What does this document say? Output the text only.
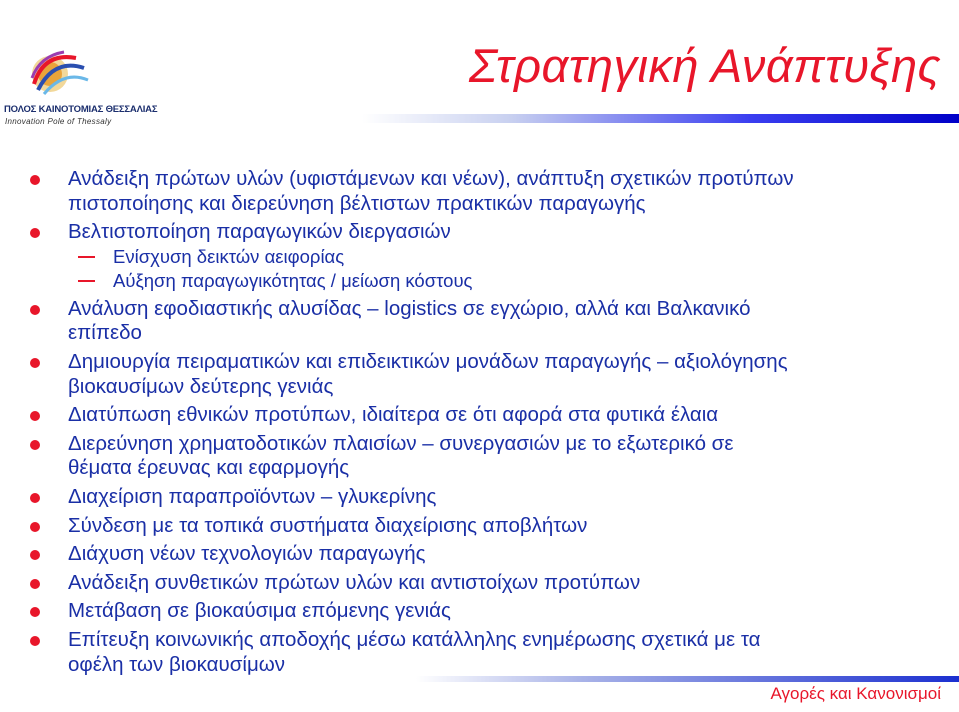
ΠΟΛΟΣ ΚΑΙΝΟΤΟΜΙΑΣ ΘΕΣΣΑΛΙΑΣ
Innovation Pole of Thessaly
Στρατηγική Ανάπτυξης
Ανάδειξη πρώτων υλών (υφιστάμενων και νέων), ανάπτυξη σχετικών προτύπων
πιστοποίησης και διερεύνηση βέλτιστων πρακτικών παραγωγής
Βελτιστοποίηση παραγωγικών διεργασιών
Ενίσχυση δεικτών αειφορίας
Αύξηση παραγωγικότητας / μείωση κόστους
Ανάλυση εφοδιαστικής αλυσίδας – logistics σε εγχώριο, αλλά και Βαλκανικό
επίπεδο
Δημιουργία πειραματικών και επιδεικτικών μονάδων παραγωγής – αξιολόγησης
βιοκαυσίμων δεύτερης γενιάς
Διατύπωση εθνικών προτύπων, ιδιαίτερα σε ότι αφορά στα φυτικά έλαια
Διερεύνηση χρηματοδοτικών πλαισίων – συνεργασιών με το εξωτερικό σε
θέματα έρευνας και εφαρμογής
Διαχείριση παραπροϊόντων – γλυκερίνης
Σύνδεση με τα τοπικά συστήματα διαχείρισης αποβλήτων
Διάχυση νέων τεχνολογιών παραγωγής
Ανάδειξη συνθετικών πρώτων υλών και αντιστοίχων προτύπων
Μετάβαση σε βιοκαύσιμα επόμενης γενιάς
Επίτευξη κοινωνικής αποδοχής μέσω κατάλληλης ενημέρωσης σχετικά με τα
οφέλη των βιοκαυσίμων
Αγορές και Κανονισμοί
